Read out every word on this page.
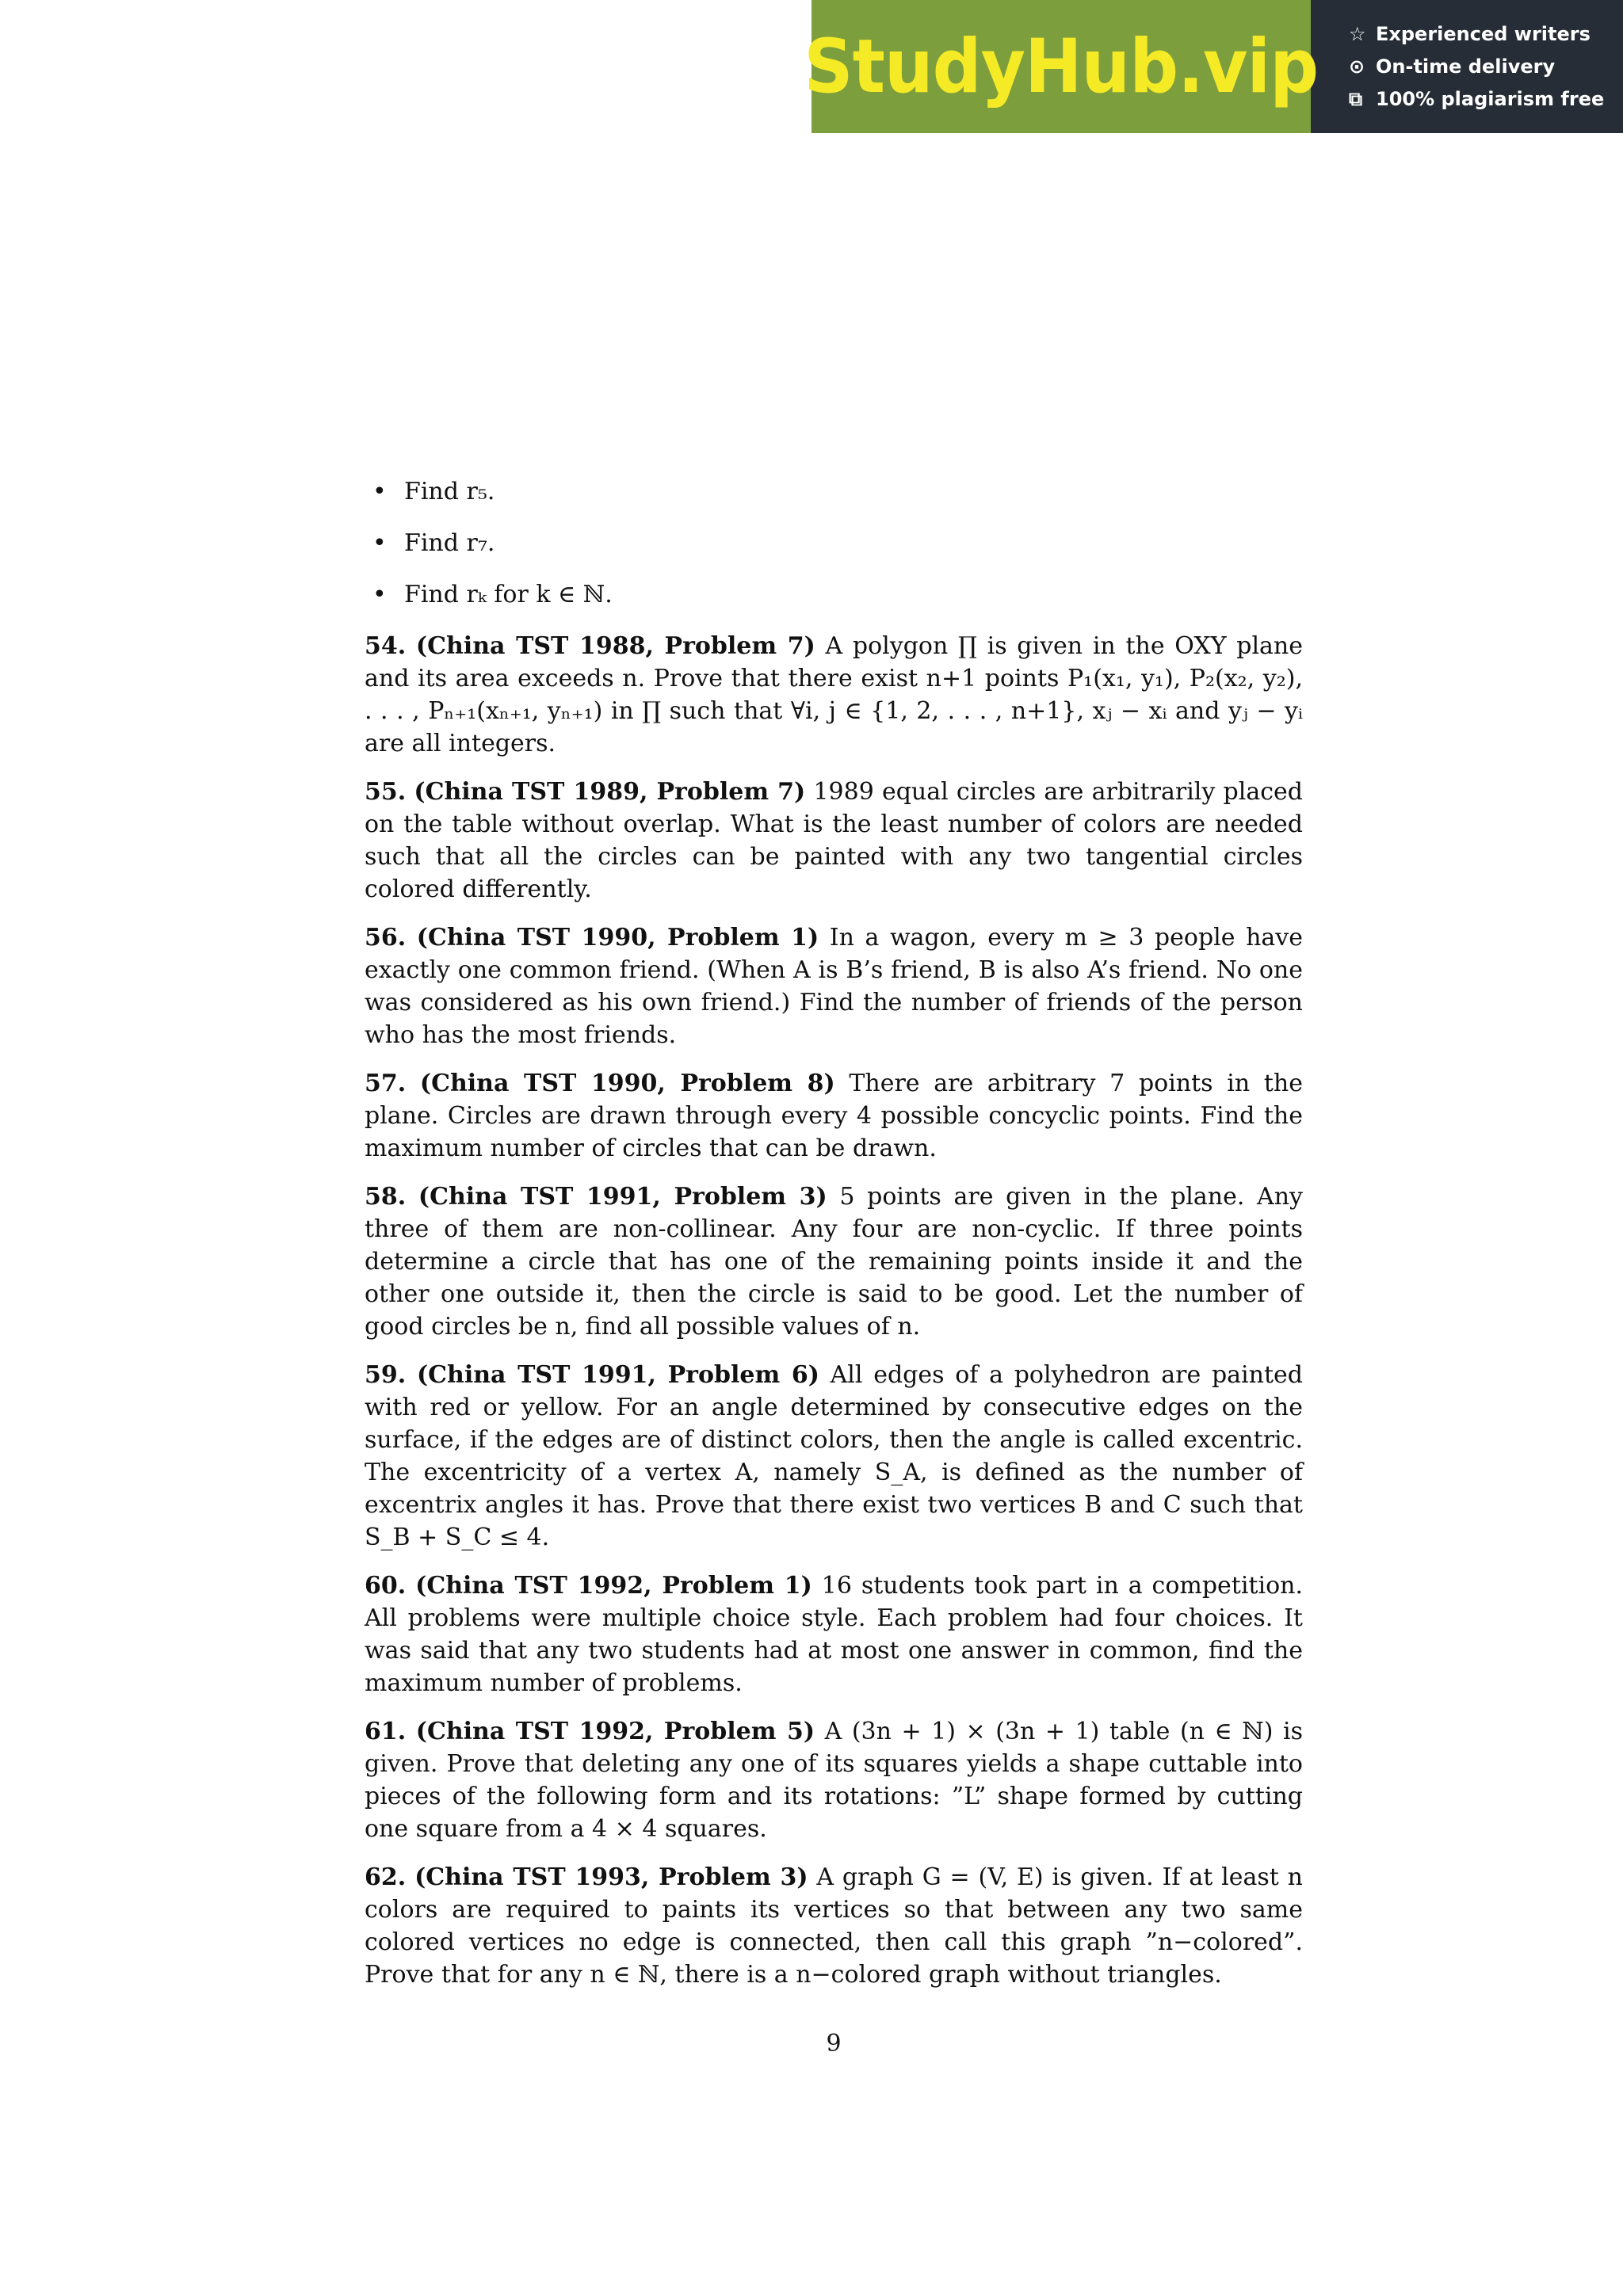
StudyHub.vip ☆ Experienced writers
⊙ On-time delivery
⧉ 100% plagiarism free
• Find r₅.
• Find r₇.
• Find rₖ for k ∈ ℕ.

54. (China TST 1988, Problem 7) A polygon ∏ is given in the OXY plane and its area exceeds n. Prove that there exist n+1 points P₁(x₁, y₁), P₂(x₂, y₂), . . . , Pₙ₊₁(xₙ₊₁, yₙ₊₁) in ∏ such that ∀i, j ∈ {1, 2, . . . , n+1}, xⱼ − xᵢ and yⱼ − yᵢ are all integers.

55. (China TST 1989, Problem 7) 1989 equal circles are arbitrarily placed on the table without overlap. What is the least number of colors are needed such that all the circles can be painted with any two tangential circles colored differently.

56. (China TST 1990, Problem 1) In a wagon, every m ≥ 3 people have exactly one common friend. (When A is B’s friend, B is also A’s friend. No one was considered as his own friend.) Find the number of friends of the person who has the most friends.

57. (China TST 1990, Problem 8) There are arbitrary 7 points in the plane. Circles are drawn through every 4 possible concyclic points. Find the maximum number of circles that can be drawn.

58. (China TST 1991, Problem 3) 5 points are given in the plane. Any three of them are non-collinear. Any four are non-cyclic. If three points determine a circle that has one of the remaining points inside it and the other one outside it, then the circle is said to be good. Let the number of good circles be n, find all possible values of n.

59. (China TST 1991, Problem 6) All edges of a polyhedron are painted with red or yellow. For an angle determined by consecutive edges on the surface, if the edges are of distinct colors, then the angle is called excentric. The excentricity of a vertex A, namely S_A, is defined as the number of excentrix angles it has. Prove that there exist two vertices B and C such that S_B + S_C ≤ 4.

60. (China TST 1992, Problem 1) 16 students took part in a competition. All problems were multiple choice style. Each problem had four choices. It was said that any two students had at most one answer in common, find the maximum number of problems.

61. (China TST 1992, Problem 5) A (3n + 1) × (3n + 1) table (n ∈ ℕ) is given. Prove that deleting any one of its squares yields a shape cuttable into pieces of the following form and its rotations: ”L” shape formed by cutting one square from a 4 × 4 squares.

62. (China TST 1993, Problem 3) A graph G = (V, E) is given. If at least n colors are required to paints its vertices so that between any two same colored vertices no edge is connected, then call this graph ”n−colored”. Prove that for any n ∈ ℕ, there is a n−colored graph without triangles.

9
